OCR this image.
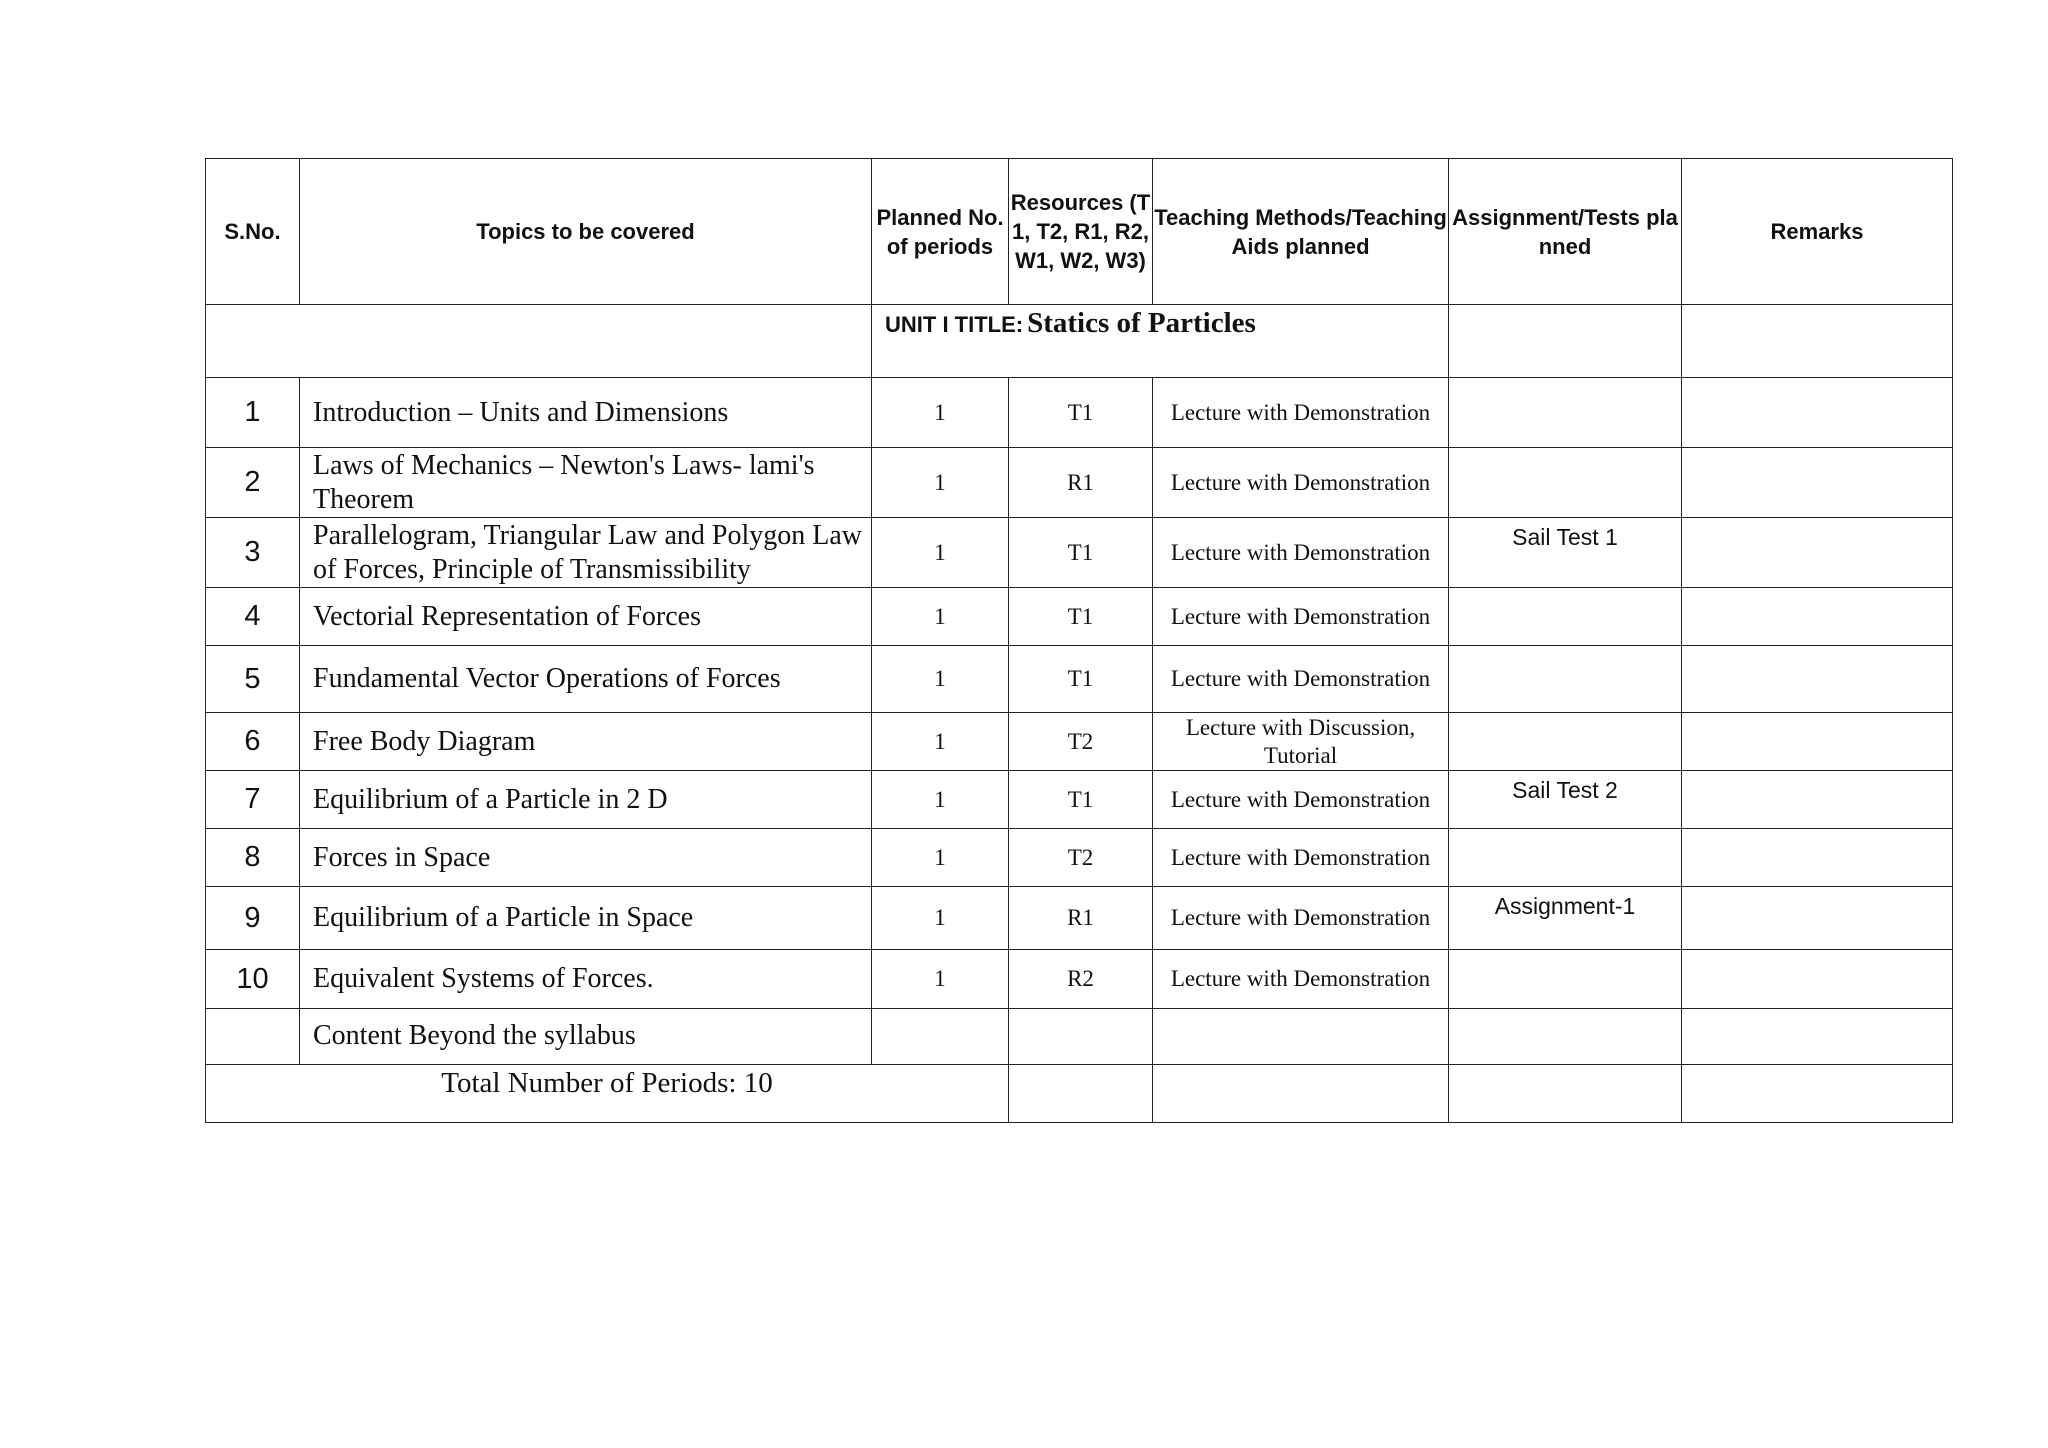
S.No.	Topics to be covered	Planned No. of periods	Resources (T1, T2, R1, R2, W1, W2, W3)	Teaching Methods/Teaching Aids planned	Assignment/Tests planned	Remarks
		UNIT I TITLE: Statics of Particles				
1	Introduction – Units and Dimensions	1	T1	Lecture with Demonstration		
2	Laws of Mechanics – Newton's Laws- lami's Theorem	1	R1	Lecture with Demonstration		
3	Parallelogram, Triangular Law and Polygon Law of Forces, Principle of Transmissibility	1	T1	Lecture with Demonstration	Sail Test 1	
4	Vectorial Representation of Forces	1	T1	Lecture with Demonstration		
5	Fundamental Vector Operations of Forces	1	T1	Lecture with Demonstration		
6	Free Body Diagram	1	T2	Lecture with Discussion, Tutorial		
7	Equilibrium of a Particle in 2 D	1	T1	Lecture with Demonstration	Sail Test 2	
8	Forces in Space	1	T2	Lecture with Demonstration		
9	Equilibrium of a Particle in Space	1	R1	Lecture with Demonstration	Assignment-1	
10	Equivalent Systems of Forces.	1	R2	Lecture with Demonstration		
	Content Beyond the syllabus					
Total Number of Periods: 10						
